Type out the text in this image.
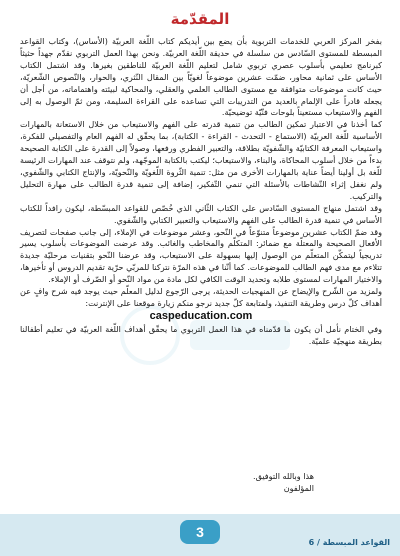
المقدّمة

بفخر المركز العربي للخدمات التربوية بأن يضع بين أيديكم كتاب اللّغة العربيّة (الأساس)، وكتاب القواعد المبسطة للمستوى السّادس من سلسلة في حديقة اللّغة العربيّة. ونحن بهذا العمل التربوي نقدّم جهداً حثيثاً كبرنامج تعليمي بأسلوب عصري تربوي شامل لتعليم اللّغة العربيّة للناطقين بغيرها. وقد اشتمل الكتاب الأساس على ثمانية محاور، ضمّت عشرين موضوعاً لغويّاً بين المقال النّثري، والحوار، والنّصوص الشّعريّة، حيث كانت موضوعات متوافقة مع مستوى الطالب العلمي والعقلي، والمحاكية لبيئته واهتماماته، من أجل أن يجعله قادراً على الإلمام بالعديد من التدريبات التي تساعده على القراءة السليمة، ومن ثمّ الوصول به إلى الفهم والاستيعاب مستعيناً بلوحات فنّيّة توضيحيّة.

كما أخذنا في الاعتبار تمكين الطالب من تنمية قدرته على الفهم والاستيعاب من خلال الاستعانة بالمهارات الأساسية للّغة العربيّة (الاستماع - التحدث - القراءة - الكتابة)، بما يحقّق له الفهم العام والتفصيلي للفكرة، واستيعاب المعرفة الكتابيّة والشّفويّة بطلاقة، والتعبير الفطري ورفعها، وصولاً إلى القدرة على الكتابة الصحيحة بدءاً من خلال أسلوب المحاكاة، والبناء، والاستيعاب؛ ليكتب بالكتابة الموجّهة، ولم نتوقف عند المهارات الرئيسة للّغة بل أولينا أيضاً عناية بالمهارات الأخرى من مثل: تنمية الثّروة اللّغويّة والنّحويّة، والإنتاج الكتابي والشّفوي، ولم نغفل إثراء النّشاطات بالأسئلة التي تنمي التّفكير، إضافة إلى تنمية قدرة الطالب على مهارة التحليل والتركيب.

وقد اشتمل منهاج المستوى السّادس على الكتاب الثّاني الذي خُصّص للقواعد المبسّطة، ليكون رافداً للكتاب الأساس في تنمية قدرة الطالب على الفهم والاستيعاب والتعبير الكتابي والشّفوي.

وقد ضمّ الكتاب عشرين موضوعاً متنوّعاً في النّحو، وعشر موضوعات في الإملاء، إلى جانب صفحات لتصريف الأفعال الصحيحة والمعتلّة مع ضمائر: المتكلّم والمخاطب والغائب. وقد عرضت الموضوعات بأسلوب يسير تدريجياً ليتمكّن المتعلّم من الوصول إليها بسهولة على الاستيعاب، وقد عرضنا النّحو بتقنيات مرحليّة جديدة تتلاءم مع مدى فهم الطالب للموضوعات. كما أنّنا في هذه المرّة نتركنا للمربّي حرّية تقديم الدروس أو تأخيرها، والاختيار المهارات لمستوى طلابه وتحديد الوقت الكافي لكل مادة من مواد النّحو أو الصّرف أو الإملاء.

ولمزيد من الشّرح والإيضاح عن المنهجيات الحديثة، يرجى الرّجوع لدليل المعلّم حيث يوجد فيه شرح وافٍ عن أهداف كلّ درس وطريقة التنفيذ، ولمتابعة كلّ جديد نرجو منكم زيارة موقعنا على الإنترنت:

caspeducation.com

وفي الختام نأمل أن يكون ما قدّمناه في هذا العمل التربوي ما يحقّق أهداف اللّغة العربيّة في تعليم أطفالنا بطريقة منهجيّة علميّة.

هذا وبالله التوفيق.
المؤلفون
3
القواعد المبسطة / 6
